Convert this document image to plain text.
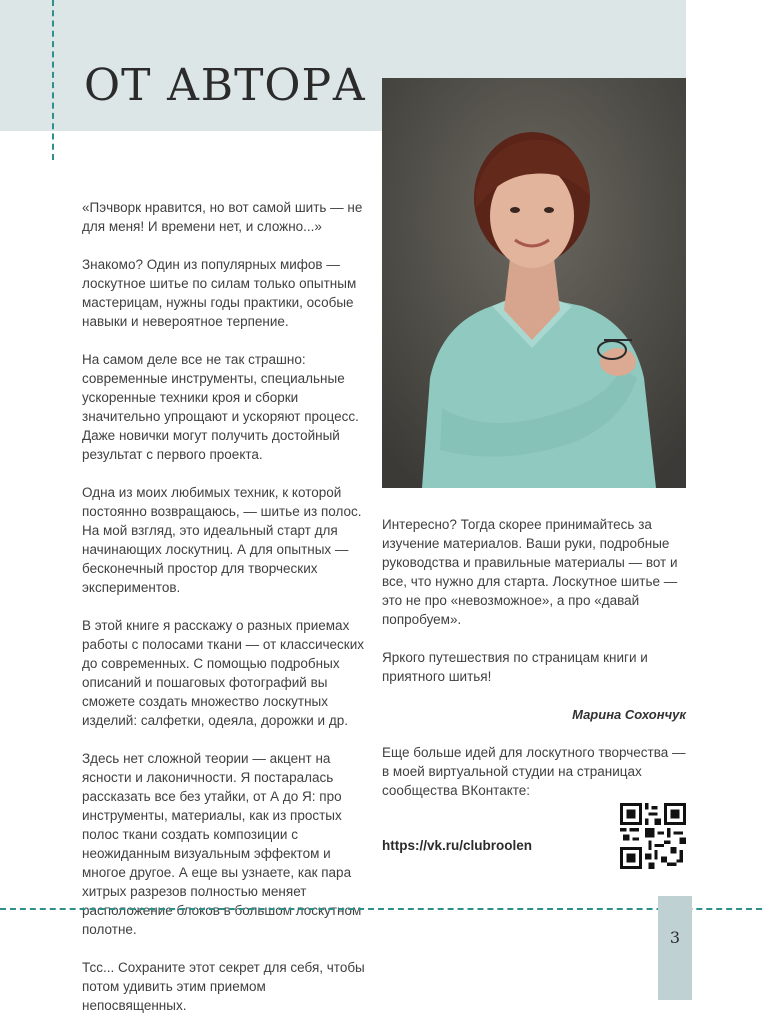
ОТ АВТОРА

«Пэчворк нравится, но вот самой шить — не для меня! И времени нет, и сложно...»

Знакомо? Один из популярных мифов — лоскутное шитье по силам только опытным мастерицам, нужны годы практики, особые навыки и невероятное терпение.

На самом деле все не так страшно: современные инструменты, специальные ускоренные техники кроя и сборки значительно упрощают и ускоряют процесс. Даже новички могут получить достойный результат с первого проекта.

Одна из моих любимых техник, к которой постоянно возвращаюсь, — шитье из полос. На мой взгляд, это идеальный старт для начинающих лоскутниц. А для опытных — бесконечный простор для творческих экспериментов.

В этой книге я расскажу о разных приемах работы с полосами ткани — от классических до современных. С помощью подробных описаний и пошаговых фотографий вы сможете создать множество лоскутных изделий: салфетки, одеяла, дорожки и др.

Здесь нет сложной теории — акцент на ясности и лаконичности. Я постаралась рассказать все без утайки, от А до Я: про инструменты, материалы, как из простых полос ткани создать композиции с неожиданным визуальным эффектом и многое другое. А еще вы узнаете, как пара хитрых разрезов полностью меняет расположение блоков в большом лоскутном полотне.

Тсс... Сохраните этот секрет для себя, чтобы потом удивить этим приемом непосвященных.

Интересно? Тогда скорее принимайтесь за изучение материалов. Ваши руки, подробные руководства и правильные материалы — вот и все, что нужно для старта. Лоскутное шитье — это не про «невозможное», а про «давай попробуем».

Яркого путешествия по страницам книги и приятного шитья!

Марина Сохончук

Еще больше идей для лоскутного творчества — в моей виртуальной студии на страницах сообщества ВКонтакте:

https://vk.ru/clubroolen
3
